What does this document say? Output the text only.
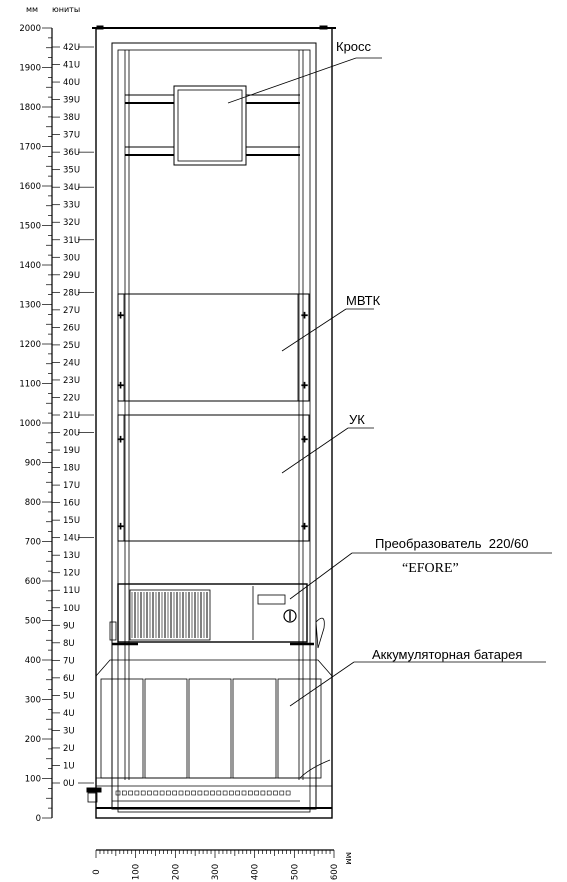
мм юниты
2000
1900
1800
1700
1600
1500
1400
1300
1200
1100
1000
900
800
700
600
500
400
300
200
100
0
42U
41U
40U
39U
38U
37U
36U
35U
34U
33U
32U
31U
30U
29U
28U
27U
26U
25U
24U
23U
22U
21U
20U
19U
18U
17U
16U
15U
14U
13U
12U
11U
10U
9U
8U
7U
6U
5U
4U
3U
2U
1U
0U
+
+
+
+
+
+
+
+
Кросс
МВТК
УК
Преобразователь  220/60
“EFORE”
Аккумуляторная батарея
0	100	200	300	400	500	600
мм
